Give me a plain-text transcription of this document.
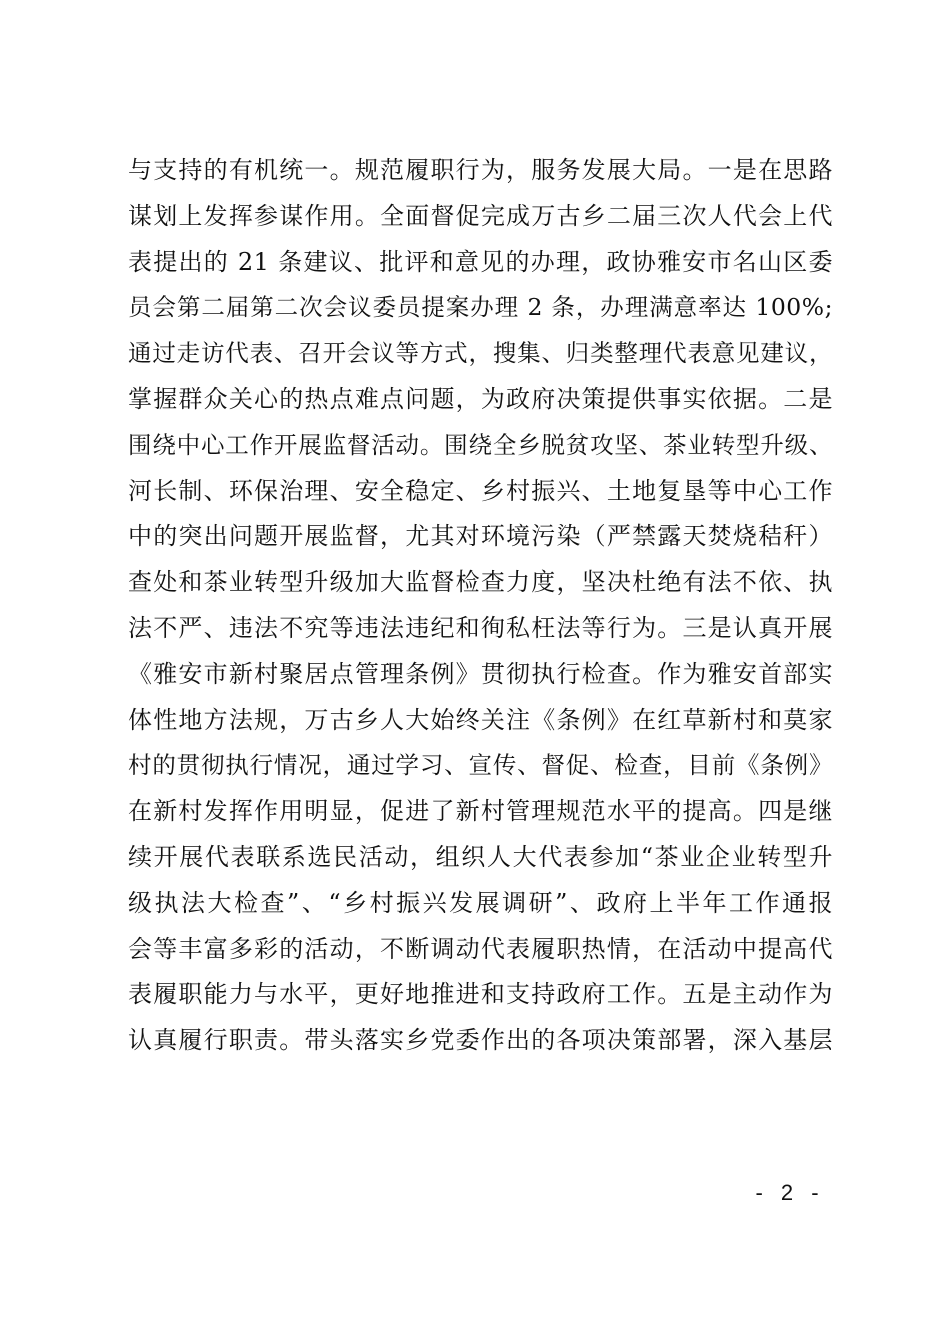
与支持的有机统一。规范履职行为，服务发展大局。一是在思路
谋划上发挥参谋作用。全面督促完成万古乡二届三次人代会上代
表提出的 21 条建议、批评和意见的办理，政协雅安市名山区委
员会第二届第二次会议委员提案办理 2 条，办理满意率达 100%;
通过走访代表、召开会议等方式，搜集、归类整理代表意见建议，
掌握群众关心的热点难点问题，为政府决策提供事实依据。二是
围绕中心工作开展监督活动。围绕全乡脱贫攻坚、茶业转型升级、
河长制、环保治理、安全稳定、乡村振兴、土地复垦等中心工作
中的突出问题开展监督，尤其对环境污染（严禁露天焚烧秸秆）
查处和茶业转型升级加大监督检查力度，坚决杜绝有法不依、执
法不严、违法不究等违法违纪和徇私枉法等行为。三是认真开展
《雅安市新村聚居点管理条例》贯彻执行检查。作为雅安首部实
体性地方法规，万古乡人大始终关注《条例》在红草新村和莫家
村的贯彻执行情况，通过学习、宣传、督促、检查，目前《条例》
在新村发挥作用明显，促进了新村管理规范水平的提高。四是继
续开展代表联系选民活动，组织人大代表参加“茶业企业转型升
级执法大检查”、“乡村振兴发展调研”、政府上半年工作通报
会等丰富多彩的活动，不断调动代表履职热情，在活动中提高代
表履职能力与水平，更好地推进和支持政府工作。五是主动作为
认真履行职责。带头落实乡党委作出的各项决策部署，深入基层
- 2 -
